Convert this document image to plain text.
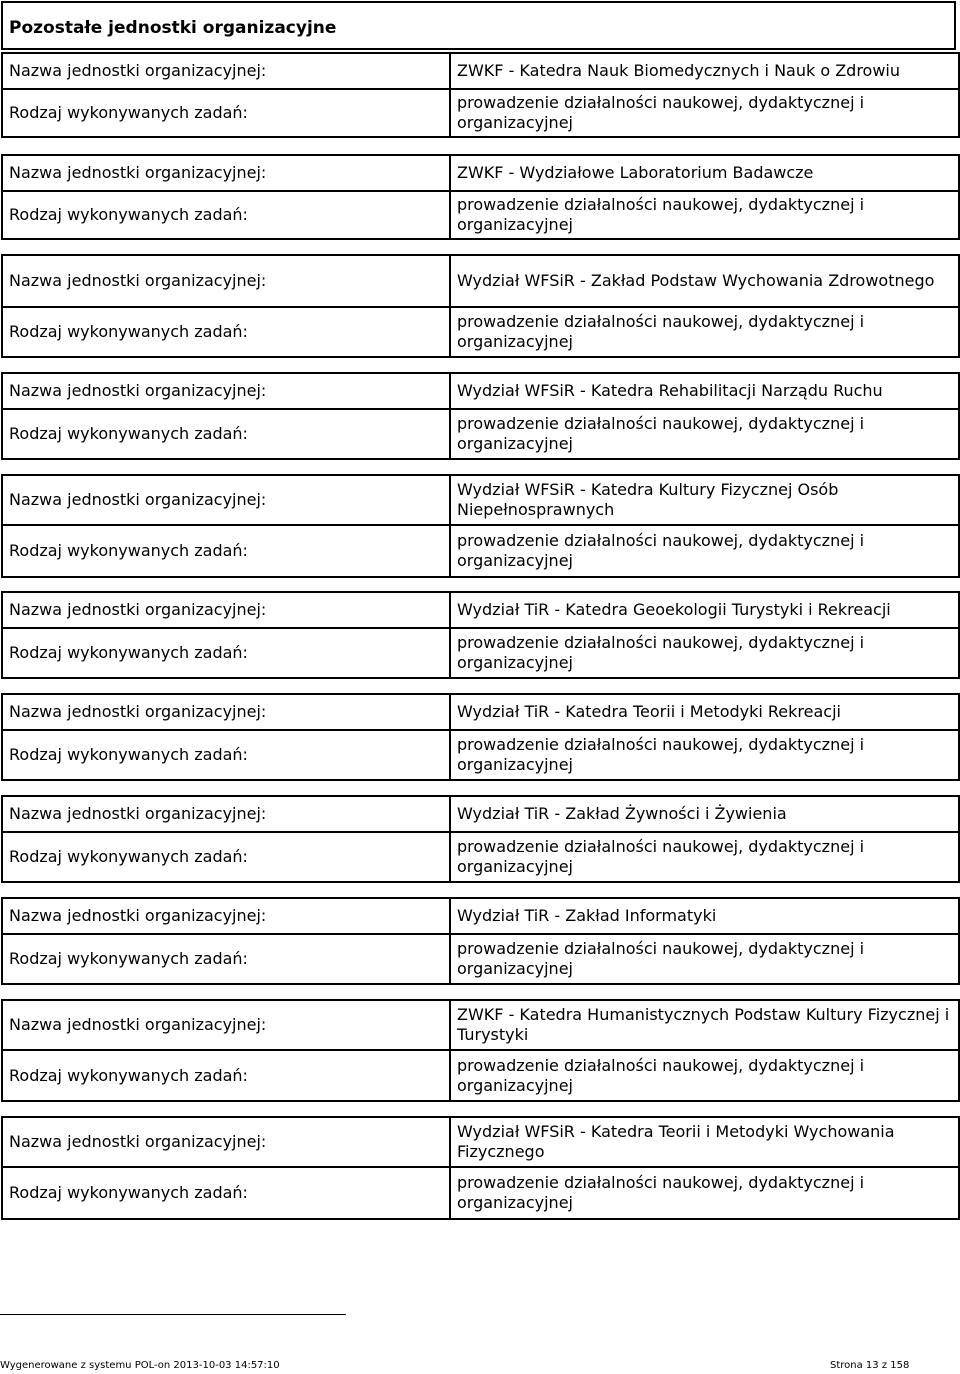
Pozostałe jednostki organizacyjne
Nazwa jednostki organizacyjnej:	ZWKF - Katedra Nauk Biomedycznych i Nauk o Zdrowiu
Rodzaj wykonywanych zadań:	prowadzenie działalności naukowej, dydaktycznej i organizacyjnej
Nazwa jednostki organizacyjnej:	ZWKF - Wydziałowe Laboratorium Badawcze
Rodzaj wykonywanych zadań:	prowadzenie działalności naukowej, dydaktycznej i organizacyjnej
Nazwa jednostki organizacyjnej:	Wydział WFSiR - Zakład Podstaw Wychowania Zdrowotnego
Rodzaj wykonywanych zadań:	prowadzenie działalności naukowej, dydaktycznej i organizacyjnej
Nazwa jednostki organizacyjnej:	Wydział WFSiR - Katedra Rehabilitacji Narządu Ruchu
Rodzaj wykonywanych zadań:	prowadzenie działalności naukowej, dydaktycznej i organizacyjnej
Nazwa jednostki organizacyjnej:	Wydział WFSiR - Katedra Kultury Fizycznej Osób Niepełnosprawnych
Rodzaj wykonywanych zadań:	prowadzenie działalności naukowej, dydaktycznej i organizacyjnej
Nazwa jednostki organizacyjnej:	Wydział TiR - Katedra Geoekologii Turystyki i Rekreacji
Rodzaj wykonywanych zadań:	prowadzenie działalności naukowej, dydaktycznej i organizacyjnej
Nazwa jednostki organizacyjnej:	Wydział TiR - Katedra Teorii i Metodyki Rekreacji
Rodzaj wykonywanych zadań:	prowadzenie działalności naukowej, dydaktycznej i organizacyjnej
Nazwa jednostki organizacyjnej:	Wydział TiR - Zakład Żywności i Żywienia
Rodzaj wykonywanych zadań:	prowadzenie działalności naukowej, dydaktycznej i organizacyjnej
Nazwa jednostki organizacyjnej:	Wydział TiR - Zakład Informatyki
Rodzaj wykonywanych zadań:	prowadzenie działalności naukowej, dydaktycznej i organizacyjnej
Nazwa jednostki organizacyjnej:	ZWKF - Katedra Humanistycznych Podstaw Kultury Fizycznej i Turystyki
Rodzaj wykonywanych zadań:	prowadzenie działalności naukowej, dydaktycznej i organizacyjnej
Nazwa jednostki organizacyjnej:	Wydział WFSiR - Katedra Teorii i Metodyki Wychowania Fizycznego
Rodzaj wykonywanych zadań:	prowadzenie działalności naukowej, dydaktycznej i organizacyjnej
Wygenerowane z systemu POL-on 2013-10-03 14:57:10	Strona 13 z 158
